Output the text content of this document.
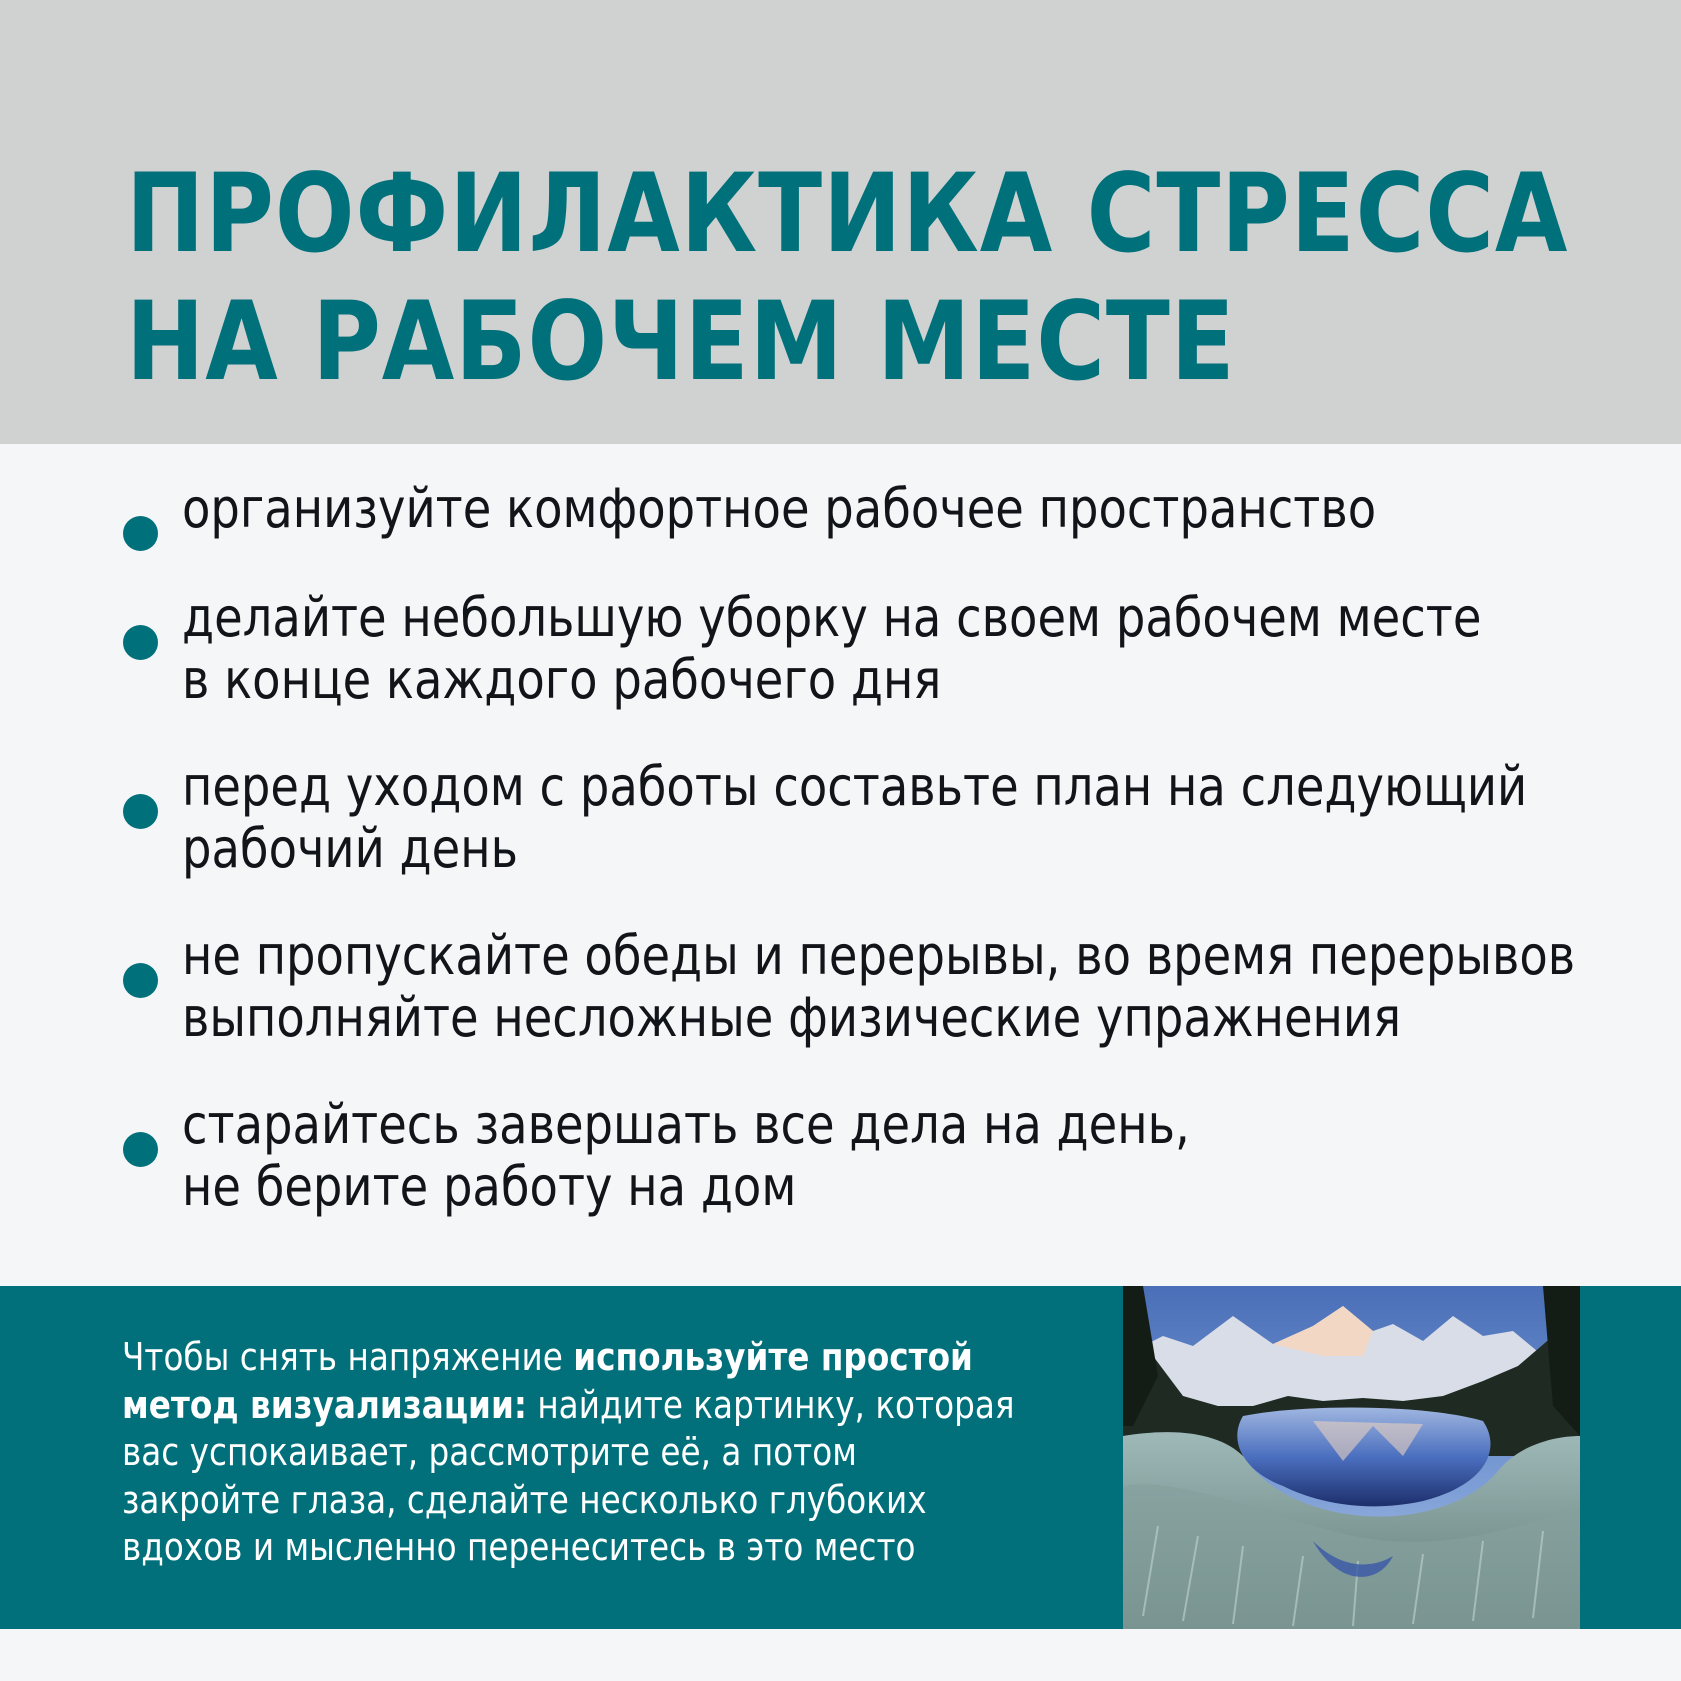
ПРОФИЛАКТИКА СТРЕССА
НА РАБОЧЕМ МЕСТЕ

организуйте комфортное рабочее пространство

делайте небольшую уборку на своем рабочем месте
в конце каждого рабочего дня

перед уходом с работы составьте план на следующий
рабочий день

не пропускайте обеды и перерывы, во время перерывов
выполняйте несложные физические упражнения

старайтесь завершать все дела на день,
не берите работу на дом

Чтобы снять напряжение используйте простой
метод визуализации: найдите картинку, которая
вас успокаивает, рассмотрите её, а потом
закройте глаза, сделайте несколько глубоких
вдохов и мысленно перенеситесь в это место
